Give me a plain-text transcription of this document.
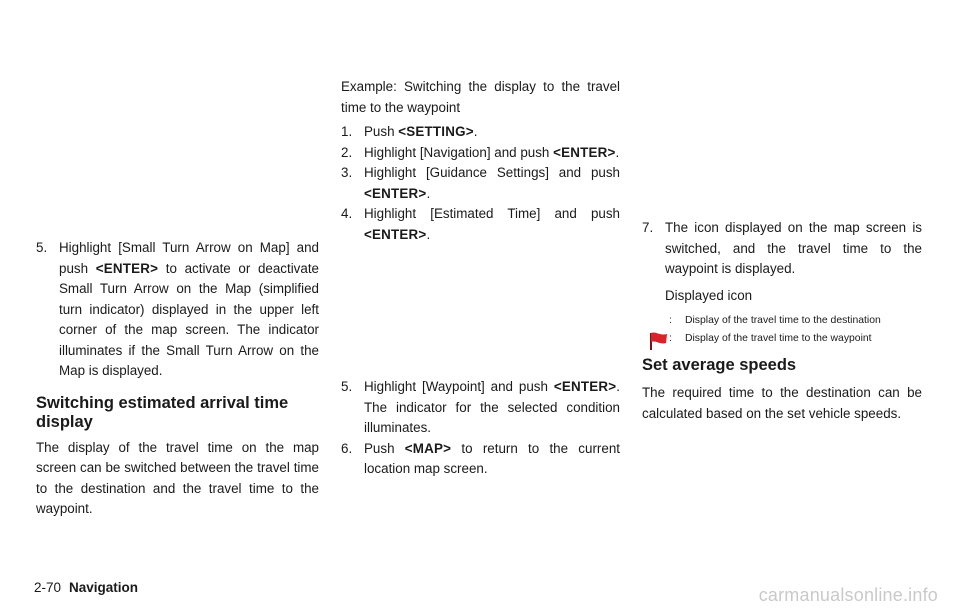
5. Highlight [Small Turn Arrow on Map] and push <ENTER> to activate or deactivate Small Turn Arrow on the Map (simplified turn indicator) displayed in the upper left corner of the map screen. The indicator illuminates if the Small Turn Arrow on the Map is displayed.

Switching estimated arrival time display

The display of the travel time on the map screen can be switched between the travel time to the destination and the travel time to the waypoint.

Example: Switching the display to the travel time to the waypoint

1. Push <SETTING>.

2. Highlight [Navigation] and push <ENTER>.

3. Highlight [Guidance Settings] and push <ENTER>.

4. Highlight [Estimated Time] and push <ENTER>.

5. Highlight [Waypoint] and push <ENTER>. The indicator for the selected condition illuminates.

6. Push <MAP> to return to the current location map screen.

7. The icon displayed on the map screen is switched, and the travel time to the waypoint is displayed.

Displayed icon

: Display of the travel time to the destination
: Display of the travel time to the waypoint
Set average speeds

The required time to the destination can be calculated based on the set vehicle speeds.

2-70 Navigation	carmanualsonline.info
